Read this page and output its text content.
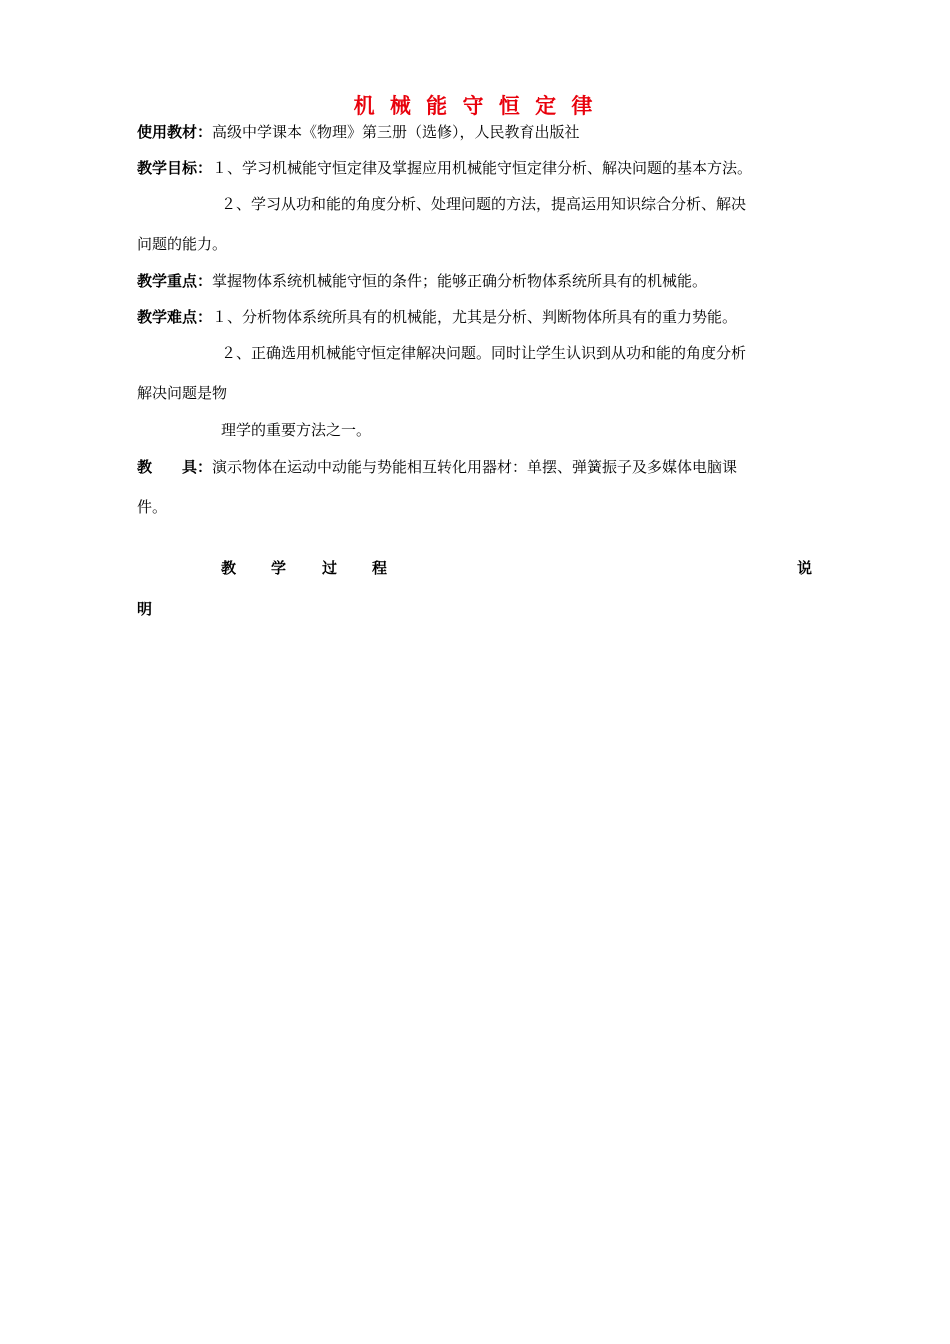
机 械 能 守 恒 定 律
使用教材：高级中学课本《物理》第三册（选修），人民教育出版社
教学目标：１、学习机械能守恒定律及掌握应用机械能守恒定律分析、解决问题的基本方法。
２、学习从功和能的角度分析、处理问题的方法，提高运用知识综合分析、解决
问题的能力。
教学重点：掌握物体系统机械能守恒的条件；能够正确分析物体系统所具有的机械能。
教学难点：１、分析物体系统所具有的机械能，尤其是分析、判断物体所具有的重力势能。
２、正确选用机械能守恒定律解决问题。同时让学生认识到从功和能的角度分析
解决问题是物
理学的重要方法之一。
教　　具：演示物体在运动中动能与势能相互转化用器材：单摆、弹簧振子及多媒体电脑课
件。
教 学 过 程	说
明
